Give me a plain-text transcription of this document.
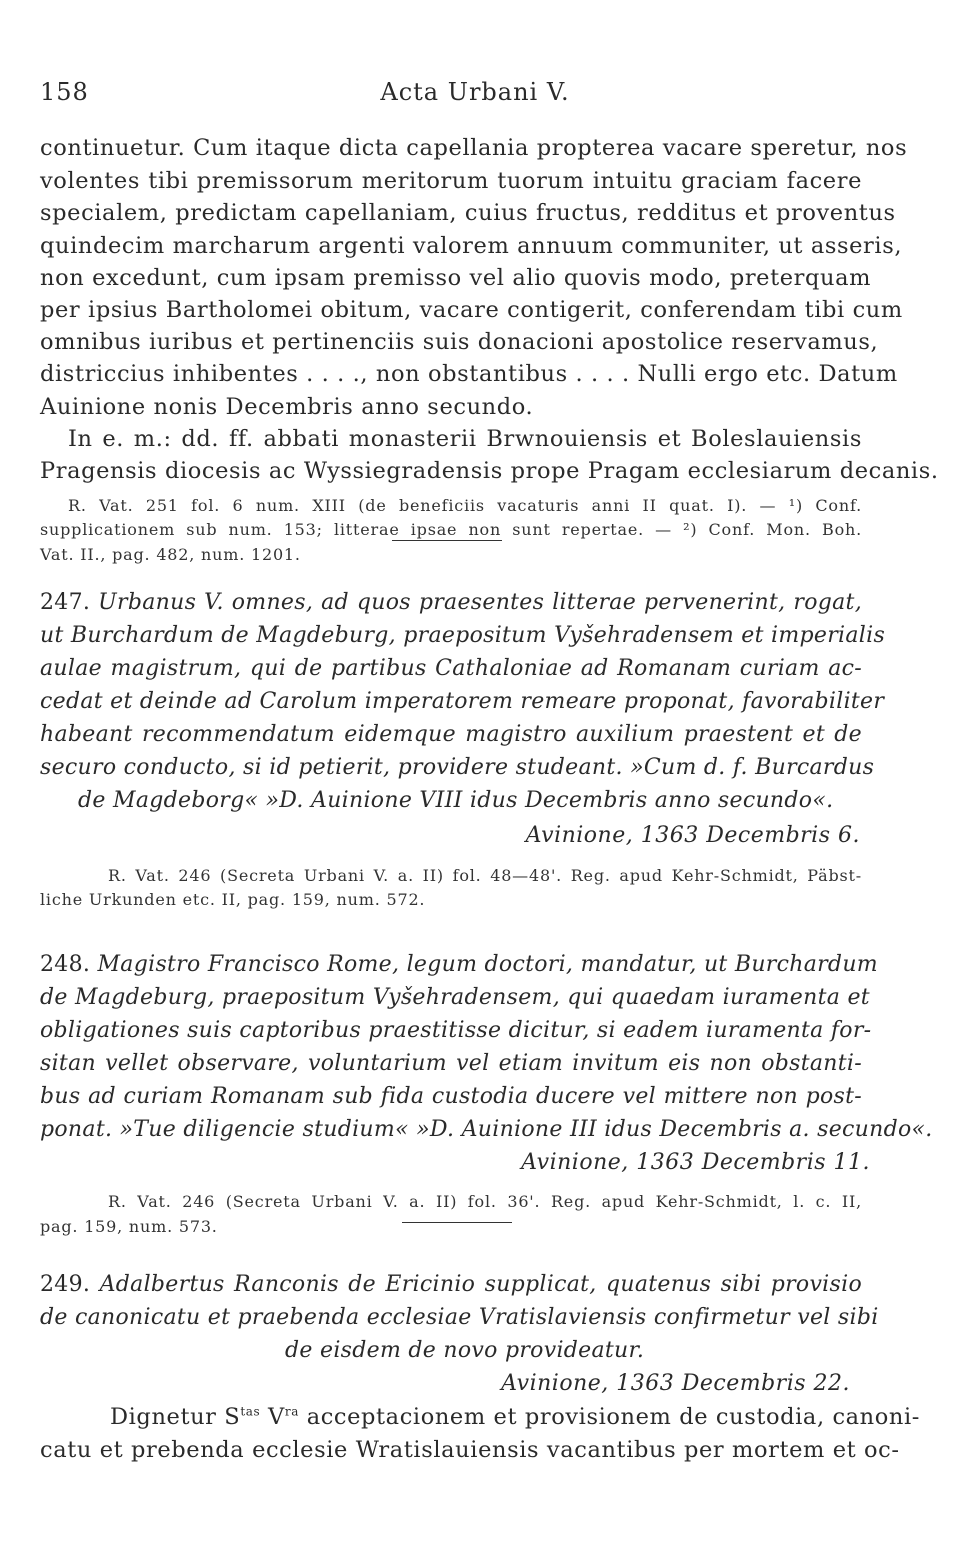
158	Acta Urbani V.
continuetur. Cum itaque dicta capellania propterea vacare speretur, nos
volentes tibi premissorum meritorum tuorum intuitu graciam facere
specialem, predictam capellaniam, cuius fructus, redditus et proventus
quindecim marcharum argenti valorem annuum communiter, ut asseris,
non excedunt, cum ipsam premisso vel alio quovis modo, preterquam
per ipsius Bartholomei obitum, vacare contigerit, conferendam tibi cum
omnibus iuribus et pertinenciis suis donacioni apostolice reservamus,
districcius inhibentes . . . ., non obstantibus . . . . Nulli ergo etc. Datum
Auinione nonis Decembris anno secundo.
In e. m.: dd. ff. abbati monasterii Brwnouiensis et Boleslauiensis
Pragensis diocesis ac Wyssiegradensis prope Pragam ecclesiarum decanis.
R. Vat. 251 fol. 6 num. XIII (de beneficiis vacaturis anni II quat. I). — ¹) Conf.
supplicationem sub num. 153; litterae ipsae non sunt repertae. — ²) Conf. Mon. Boh.
Vat. II., pag. 482, num. 1201.
247. Urbanus V. omnes, ad quos praesentes litterae pervenerint, rogat,
ut Burchardum de Magdeburg, praepositum Vyšehradensem et imperialis
aulae magistrum, qui de partibus Cathaloniae ad Romanam curiam ac-
cedat et deinde ad Carolum imperatorem remeare proponat, favorabiliter
habeant recommendatum eidemque magistro auxilium praestent et de
securo conducto, si id petierit, providere studeant. »Cum d. f. Burcardus
de Magdeborg« »D. Auinione VIII idus Decembris anno secundo«.
Avinione, 1363 Decembris 6.
R. Vat. 246 (Secreta Urbani V. a. II) fol. 48—48'. Reg. apud Kehr-Schmidt, Päbst-
liche Urkunden etc. II, pag. 159, num. 572.
248. Magistro Francisco Rome, legum doctori, mandatur, ut Burchardum
de Magdeburg, praepositum Vyšehradensem, qui quaedam iuramenta et
obligationes suis captoribus praestitisse dicitur, si eadem iuramenta for-
sitan vellet observare, voluntarium vel etiam invitum eis non obstanti-
bus ad curiam Romanam sub fida custodia ducere vel mittere non post-
ponat. »Tue diligencie studium« »D. Auinione III idus Decembris a. secundo«.
Avinione, 1363 Decembris 11.
R. Vat. 246 (Secreta Urbani V. a. II) fol. 36'. Reg. apud Kehr-Schmidt, l. c. II,
pag. 159, num. 573.
249. Adalbertus Ranconis de Ericinio supplicat, quatenus sibi provisio
de canonicatu et praebenda ecclesiae Vratislaviensis confirmetur vel sibi
de eisdem de novo provideatur.
Avinione, 1363 Decembris 22.
Dignetur $S^{tas}$ $V^{ra}$ acceptacionem et provisionem de custodia, canoni-
catu et prebenda ecclesie Wratislauiensis vacantibus per mortem et oc-
